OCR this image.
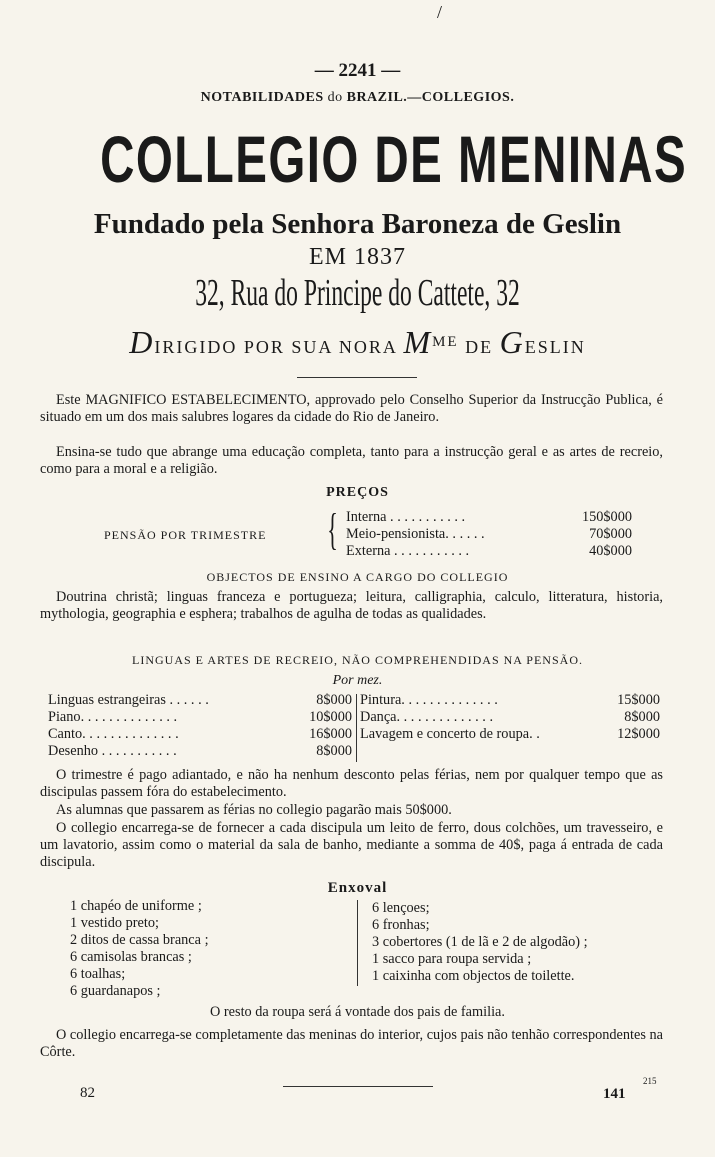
/
— 2241 —
NOTABILIDADES do BRAZIL.—COLLEGIOS.
COLLEGIO DE MENINAS
Fundado pela Senhora Baroneza de Geslin
EM 1837
32, Rua do Principe do Cattete, 32
DIRIGIDO POR SUA NORA $M^{ME}$ DE GESLIN
Este MAGNIFICO ESTABELECIMENTO, approvado pelo Conselho Superior da Instrucção Publica, é situado em um dos mais salubres logares da cidade do Rio de Janeiro.
Ensina-se tudo que abrange uma educação completa, tanto para a instrucção geral e as artes de recreio, como para a moral e a religião.
PREÇOS
PENSÃO POR TRIMESTRE { Interna . . . . . . . . . . .	150$000
Meio-pensionista. . . . . .	70$000
Externa . . . . . . . . . . .	40$000
OBJECTOS DE ENSINO A CARGO DO COLLEGIO
Doutrina christã; linguas franceza e portugueza; leitura, calligraphia, calculo, litteratura, historia, mythologia, geographia e esphera; trabalhos de agulha de todas as qualidades.
LINGUAS E ARTES DE RECREIO, NÃO COMPREHENDIDAS NA PENSÃO.
Por mez.
Linguas estrangeiras . . . . . .	8$000
Piano. . . . . . . . . . . . . .	10$000
Canto. . . . . . . . . . . . . .	16$000
Desenho . . . . . . . . . . .	8$000
Pintura. . . . . . . . . . . . . .	15$000
Dança. . . . . . . . . . . . . .	8$000
Lavagem e concerto de roupa. .	12$000
O trimestre é pago adiantado, e não ha nenhum desconto pelas férias, nem por qualquer tempo que as discipulas passem fóra do estabelecimento.
As alumnas que passarem as férias no collegio pagarão mais 50$000.
O collegio encarrega-se de fornecer a cada discipula um leito de ferro, dous colchões, um travesseiro, e um lavatorio, assim como o material da sala de banho, mediante a somma de 40$, paga á entrada de cada discipula.
Enxoval
1 chapéo de uniforme ;
1 vestido preto;
2 ditos de cassa branca ;
6 camisolas brancas ;
6 toalhas;
6 guardanapos ;
6 lençoes;
6 fronhas;
3 cobertores (1 de lã e 2 de algodão) ;
1 sacco para roupa servida ;
1 caixinha com objectos de toilette.
O resto da roupa será á vontade dos pais de familia.
O collegio encarrega-se completamente das meninas do interior, cujos pais não tenhão correspondentes na Côrte.
82	141
215
